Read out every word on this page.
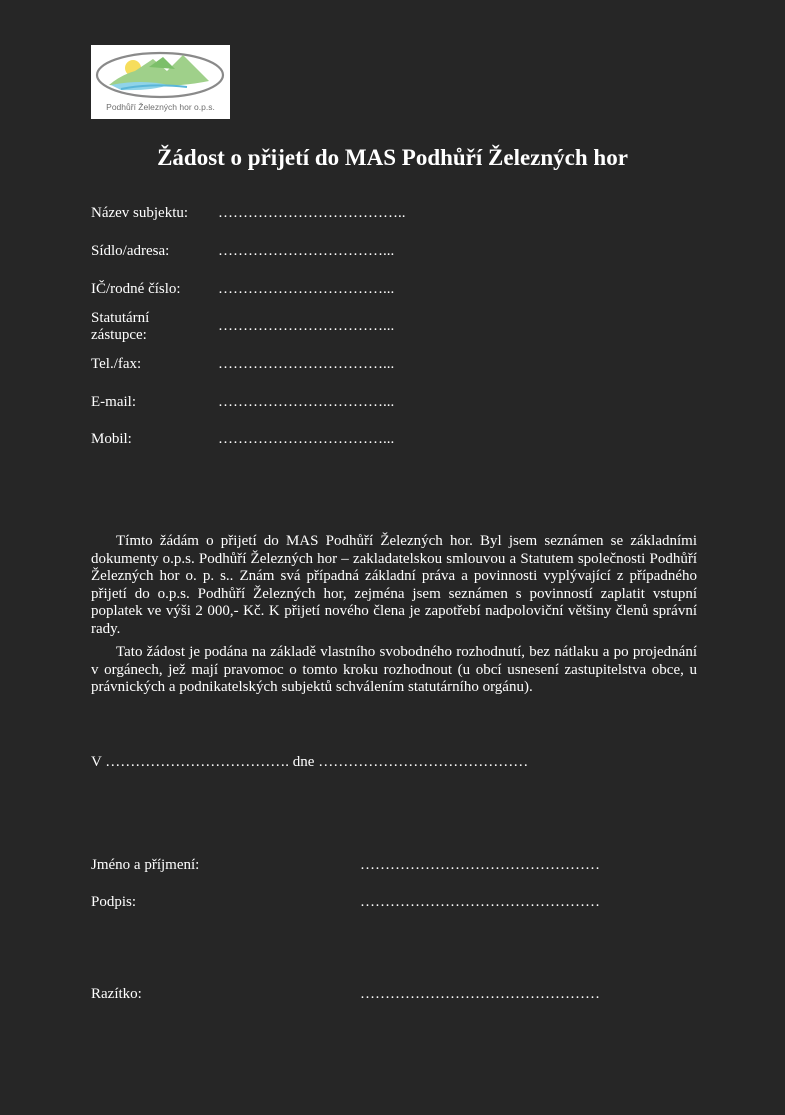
Podhůří Železných hor o.p.s.
Žádost o přijetí do MAS Podhůří Železných hor
Název subjektu: ………………………………..
Sídlo/adresa:	……………………………...
IČ/rodné číslo: ……………………………...
Statutární zástupce:
……………………………...
Tel./fax:	……………………………...
E-mail:	……………………………...
Mobil:	……………………………...
Tímto žádám o přijetí do MAS Podhůří Železných hor. Byl jsem seznámen se základními dokumenty o.p.s. Podhůří Železných hor – zakladatelskou smlouvou a Statutem společnosti Podhůří Železných hor o. p. s.. Znám svá případná základní práva a povinnosti vyplývající z případného přijetí do o.p.s. Podhůří Železných hor, zejména jsem seznámen s povinností zaplatit vstupní poplatek ve výši 2 000,- Kč. K přijetí nového člena je zapotřebí nadpoloviční většiny členů správní rady.
Tato žádost je podána na základě vlastního svobodného rozhodnutí, bez nátlaku a po projednání v orgánech, jež mají pravomoc o tomto kroku rozhodnout (u obcí usnesení zastupitelstva obce, u právnických a podnikatelských subjektů schválením statutárního orgánu).
V ………………………………. dne ……………………………………
Jméno a příjmení:	…………………………………………
Podpis:	…………………………………………
Razítko:	…………………………………………
